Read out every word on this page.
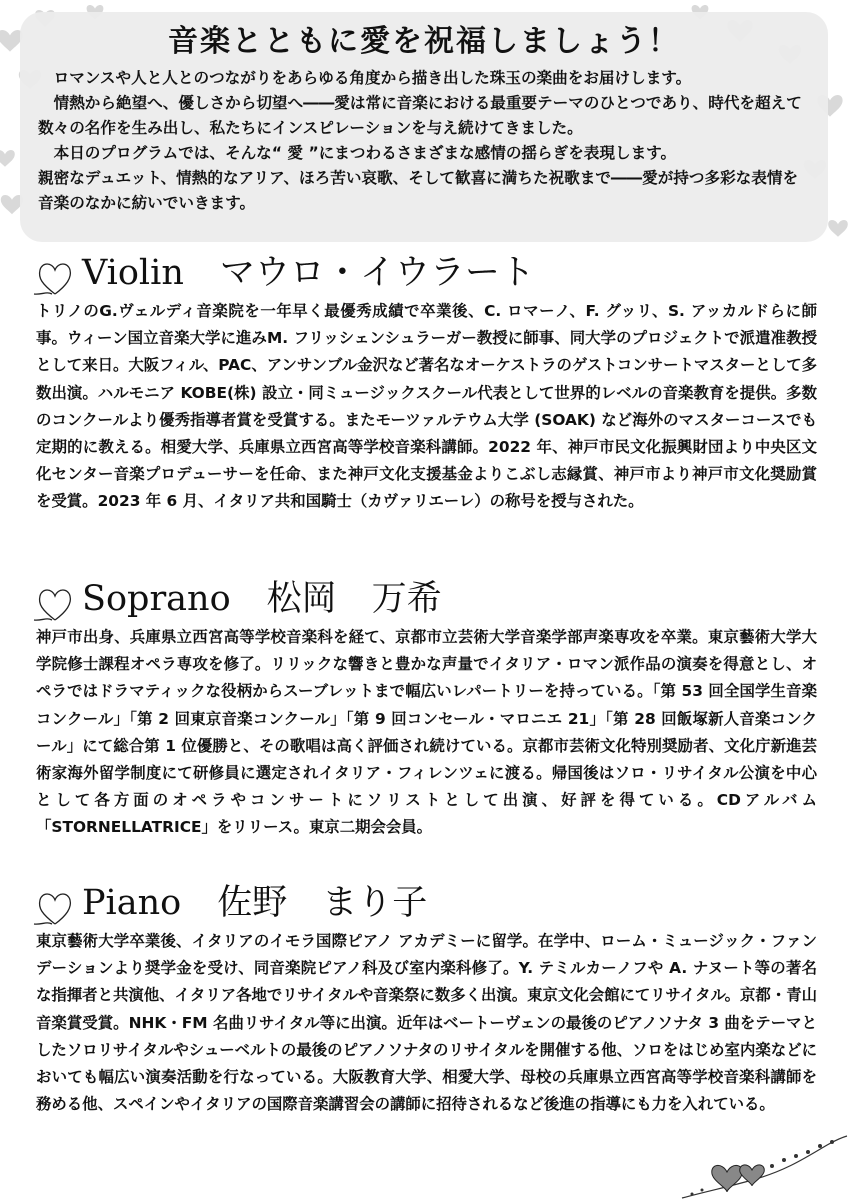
音楽とともに愛を祝福しましょう！

ロマンスや人と人とのつながりをあらゆる角度から描き出した珠玉の楽曲をお届けします。

情熱から絶望へ、優しさから切望へ――愛は常に音楽における最重要テーマのひとつであり、時代を超えて数々の名作を生み出し、私たちにインスピレーションを与え続けてきました。

本日のプログラムでは、そんな“ 愛 ”にまつわるさまざまな感情の揺らぎを表現します。

親密なデュエット、情熱的なアリア、ほろ苦い哀歌、そして歓喜に満ちた祝歌まで――愛が持つ多彩な表情を音楽のなかに紡いでいきます。

Violin マウロ・イウラート

トリノのG.ヴェルディ音楽院を一年早く最優秀成績で卒業後、C. ロマーノ、F. グッリ、S. アッカルドらに師事。ウィーン国立音楽大学に進みM. フリッシェンシュラーガー教授に師事、同大学のプロジェクトで派遣准教授として来日。大阪フィル、PAC、アンサンブル金沢など著名なオーケストラのゲストコンサートマスターとして多数出演。ハルモニア KOBE(株) 設立・同ミュージックスクール代表として世界的レベルの音楽教育を提供。多数のコンクールより優秀指導者賞を受賞する。またモーツァルテウム大学 (SOAK) など海外のマスターコースでも定期的に教える。相愛大学、兵庫県立西宮高等学校音楽科講師。2022 年、神戸市民文化振興財団より中央区文化センター音楽プロデューサーを任命、また神戸文化支援基金よりこぶし志縁賞、神戸市より神戸市文化奨励賞を受賞。2023 年 6 月、イタリア共和国騎士（カヴァリエーレ）の称号を授与された。

Soprano 松岡　万希

神戸市出身、兵庫県立西宮高等学校音楽科を経て、京都市立芸術大学音楽学部声楽専攻を卒業。東京藝術大学大学院修士課程オペラ専攻を修了。リリックな響きと豊かな声量でイタリア・ロマン派作品の演奏を得意とし、オペラではドラマティックな役柄からスーブレットまで幅広いレパートリーを持っている。「第 53 回全国学生音楽コンクール」「第 2 回東京音楽コンクール」「第 9 回コンセール・マロニエ 21」「第 28 回飯塚新人音楽コンクール」にて総合第 1 位優勝と、その歌唱は高く評価され続けている。京都市芸術文化特別奨励者、文化庁新進芸術家海外留学制度にて研修員に選定されイタリア・フィレンツェに渡る。帰国後はソロ・リサイタル公演を中心として各方面のオペラやコンサートにソリストとして出演、好評を得ている。CDアルバム「STORNELLATRICE」をリリース。東京二期会会員。

Piano 佐野　まり子

東京藝術大学卒業後、イタリアのイモラ国際ピアノ アカデミーに留学。在学中、ローム・ミュージック・ファンデーションより奨学金を受け、同音楽院ピアノ科及び室内楽科修了。Y. テミルカーノフや A. ナヌート等の著名な指揮者と共演他、イタリア各地でリサイタルや音楽祭に数多く出演。東京文化会館にてリサイタル。京都・青山音楽賞受賞。NHK・FM 名曲リサイタル等に出演。近年はベートーヴェンの最後のピアノソナタ 3 曲をテーマとしたソロリサイタルやシューベルトの最後のピアノソナタのリサイタルを開催する他、ソロをはじめ室内楽などにおいても幅広い演奏活動を行なっている。大阪教育大学、相愛大学、母校の兵庫県立西宮高等学校音楽科講師を務める他、スペインやイタリアの国際音楽講習会の講師に招待されるなど後進の指導にも力を入れている。
